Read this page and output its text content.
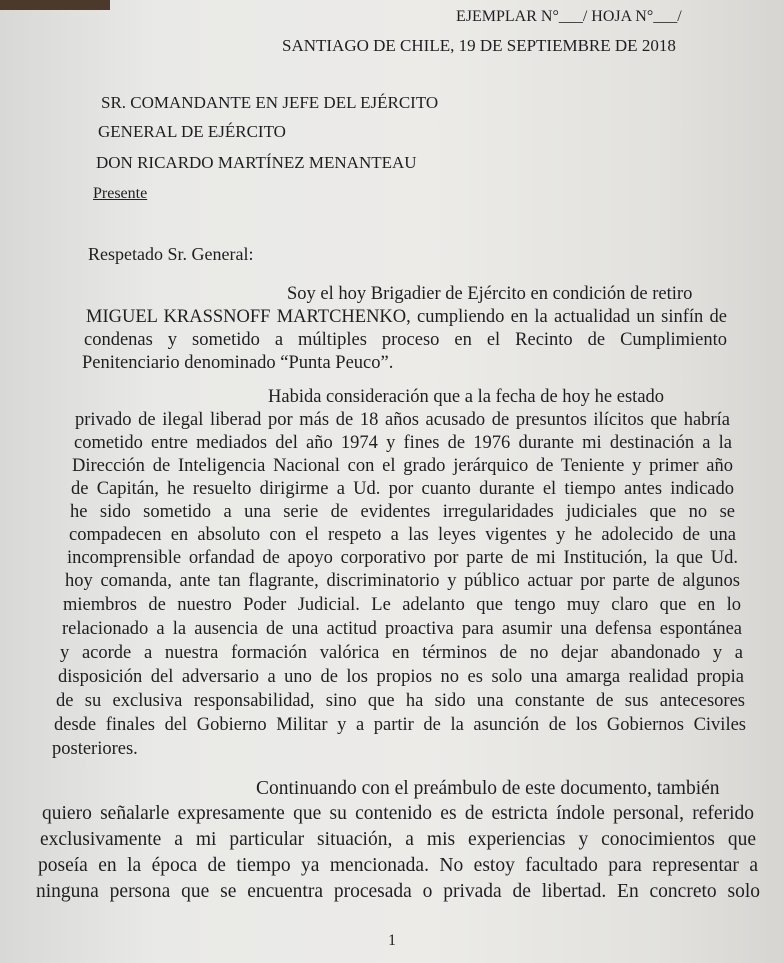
EJEMPLAR N°___/ HOJA N°___/
SANTIAGO DE CHILE, 19 DE SEPTIEMBRE DE 2018
SR. COMANDANTE EN JEFE DEL EJÉRCITO
GENERAL DE EJÉRCITO
DON RICARDO MARTÍNEZ MENANTEAU
Presente
Respetado Sr. General:
Soy el hoy Brigadier de Ejército en condición de retiro
MIGUEL KRASSNOFF MARTCHENKO, cumpliendo en la actualidad un sinfín de
condenas y sometido a múltiples proceso en el Recinto de Cumplimiento
Penitenciario denominado “Punta Peuco”.
Habida consideración que a la fecha de hoy he estado
privado de ilegal liberad por más de 18 años acusado de presuntos ilícitos que habría
cometido entre mediados del año 1974 y fines de 1976 durante mi destinación a la
Dirección de Inteligencia Nacional con el grado jerárquico de Teniente y primer año
de Capitán, he resuelto dirigirme a Ud. por cuanto durante el tiempo antes indicado
he sido sometido a una serie de evidentes irregularidades judiciales que no se
compadecen en absoluto con el respeto a las leyes vigentes y he adolecido de una
incomprensible orfandad de apoyo corporativo por parte de mi Institución, la que Ud.
hoy comanda, ante tan flagrante, discriminatorio y público actuar por parte de algunos
miembros de nuestro Poder Judicial. Le adelanto que tengo muy claro que en lo
relacionado a la ausencia de una actitud proactiva para asumir una defensa espontánea
y acorde a nuestra formación valórica en términos de no dejar abandonado y a
disposición del adversario a uno de los propios no es solo una amarga realidad propia
de su exclusiva responsabilidad, sino que ha sido una constante de sus antecesores
desde finales del Gobierno Militar y a partir de la asunción de los Gobiernos Civiles
posteriores.
Continuando con el preámbulo de este documento, también
quiero señalarle expresamente que su contenido es de estricta índole personal, referido
exclusivamente a mi particular situación, a mis experiencias y conocimientos que
poseía en la época de tiempo ya mencionada. No estoy facultado para representar a
ninguna persona que se encuentra procesada o privada de libertad. En concreto solo
1
